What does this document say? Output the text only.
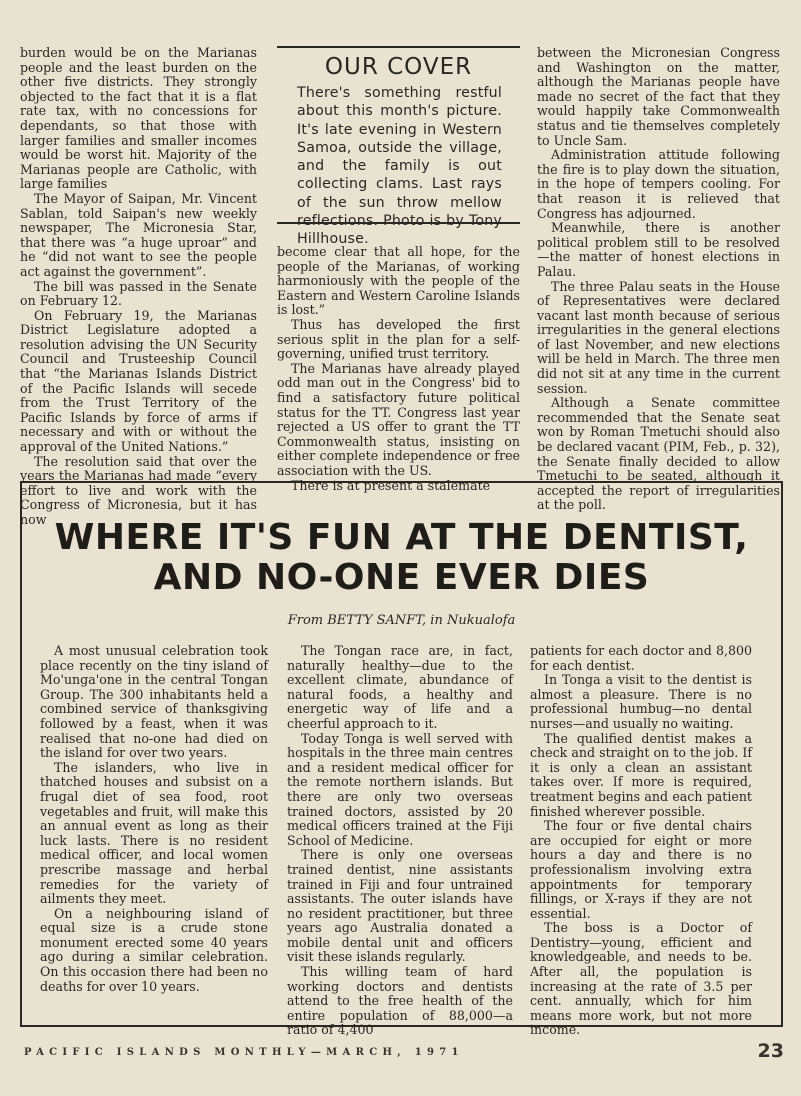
burden would be on the Marianas people and the least burden on the other five districts. They strongly objected to the fact that it is a flat rate tax, with no concessions for dependants, so that those with larger families and smaller incomes would be worst hit. Majority of the Marianas people are Catholic, with large families

The Mayor of Saipan, Mr. Vincent Sablan, told Saipan's new weekly newspaper, The Micronesia Star, that there was “a huge uproar” and he “did not want to see the people act against the government”.

The bill was passed in the Senate on February 12.

On February 19, the Marianas District Legislature adopted a resolution advising the UN Security Council and Trusteeship Council that “the Marianas Islands District of the Pacific Islands will secede from the Trust Territory of the Pacific Islands by force of arms if necessary and with or without the approval of the United Nations.”

The resolution said that over the years the Marianas had made “every effort to live and work with the Congress of Micronesia, but it has now

OUR COVER
There's something restful about this month's picture. It's late evening in Western Samoa, outside the village, and the family is out collecting clams. Last rays of the sun throw mellow reflections. Photo is by Tony Hillhouse.

become clear that all hope, for the people of the Marianas, of working harmoniously with the people of the Eastern and Western Caroline Islands is lost.”

Thus has developed the first serious split in the plan for a self-governing, unified trust territory.

The Marianas have already played odd man out in the Congress' bid to find a satisfactory future political status for the TT. Congress last year rejected a US offer to grant the TT Commonwealth status, insisting on either complete independence or free association with the US.

There is at present a stalemate

between the Micronesian Congress and Washington on the matter, although the Marianas people have made no secret of the fact that they would happily take Commonwealth status and tie themselves completely to Uncle Sam.

Administration attitude following the fire is to play down the situation, in the hope of tempers cooling. For that reason it is relieved that Congress has adjourned.

Meanwhile, there is another political problem still to be resolved—the matter of honest elections in Palau.

The three Palau seats in the House of Representatives were declared vacant last month because of serious irregularities in the general elections of last November, and new elections will be held in March. The three men did not sit at any time in the current session.

Although a Senate committee recommended that the Senate seat won by Roman Tmetuchi should also be declared vacant (PIM, Feb., p. 32), the Senate finally decided to allow Tmetuchi to be seated, although it accepted the report of irregularities at the poll.

WHERE IT'S FUN AT THE DENTIST,
AND NO-ONE EVER DIES
From BETTY SANFT, in Nukualofa

A most unusual celebration took place recently on the tiny island of Mo'unga'one in the central Tongan Group. The 300 inhabitants held a combined service of thanksgiving followed by a feast, when it was realised that no-one had died on the island for over two years.

The islanders, who live in thatched houses and subsist on a frugal diet of sea food, root vegetables and fruit, will make this an annual event as long as their luck lasts. There is no resident medical officer, and local women prescribe massage and herbal remedies for the variety of ailments they meet.

On a neighbouring island of equal size is a crude stone monument erected some 40 years ago during a similar celebration. On this occasion there had been no deaths for over 10 years.

The Tongan race are, in fact, naturally healthy—due to the excellent climate, abundance of natural foods, a healthy and energetic way of life and a cheerful approach to it.

Today Tonga is well served with hospitals in the three main centres and a resident medical officer for the remote northern islands. But there are only two overseas trained doctors, assisted by 20 medical officers trained at the Fiji School of Medicine.

There is only one overseas trained dentist, nine assistants trained in Fiji and four untrained assistants. The outer islands have no resident practitioner, but three years ago Australia donated a mobile dental unit and officers visit these islands regularly.

This willing team of hard working doctors and dentists attend to the free health of the entire population of 88,000—a ratio of 4,400

patients for each doctor and 8,800 for each dentist.

In Tonga a visit to the dentist is almost a pleasure. There is no professional humbug—no dental nurses—and usually no waiting.

The qualified dentist makes a check and straight on to the job. If it is only a clean an assistant takes over. If more is required, treatment begins and each patient finished wherever possible.

The four or five dental chairs are occupied for eight or more hours a day and there is no professionalism involving extra appointments for temporary fillings, or X-rays if they are not essential.

The boss is a Doctor of Dentistry—young, efficient and knowledgeable, and needs to be. After all, the population is increasing at the rate of 3.5 per cent. annually, which for him means more work, but not more income.

PACIFIC ISLANDS MONTHLY—MARCH, 1971	23
